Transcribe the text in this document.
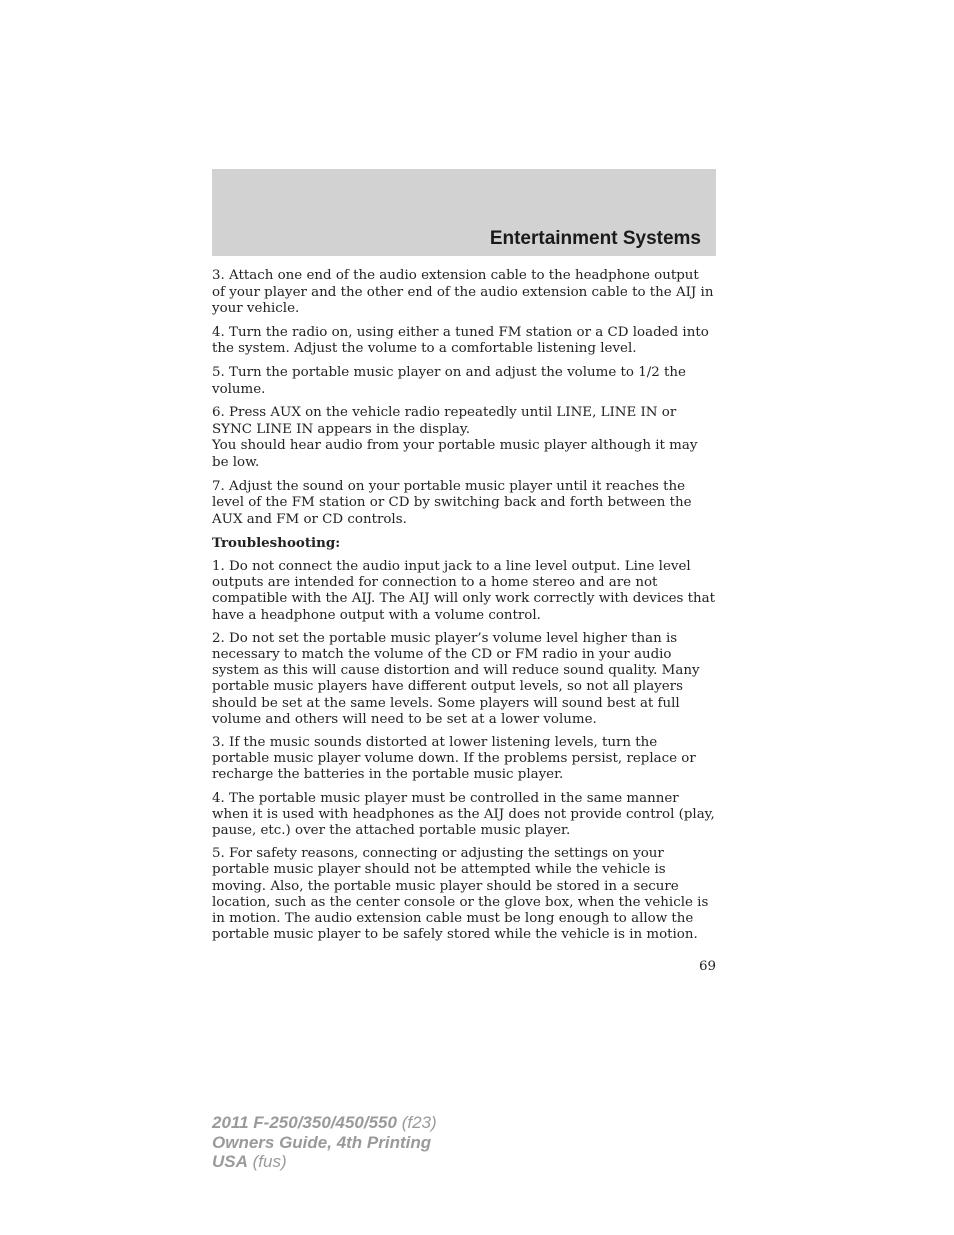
Entertainment Systems

3. Attach one end of the audio extension cable to the headphone output of your player and the other end of the audio extension cable to the AIJ in your vehicle.

4. Turn the radio on, using either a tuned FM station or a CD loaded into the system. Adjust the volume to a comfortable listening level.

5. Turn the portable music player on and adjust the volume to 1/2 the volume.

6. Press AUX on the vehicle radio repeatedly until LINE, LINE IN or SYNC LINE IN appears in the display.

You should hear audio from your portable music player although it may be low.

7. Adjust the sound on your portable music player until it reaches the level of the FM station or CD by switching back and forth between the AUX and FM or CD controls.

Troubleshooting:

1. Do not connect the audio input jack to a line level output. Line level outputs are intended for connection to a home stereo and are not compatible with the AIJ. The AIJ will only work correctly with devices that have a headphone output with a volume control.

2. Do not set the portable music player’s volume level higher than is necessary to match the volume of the CD or FM radio in your audio system as this will cause distortion and will reduce sound quality. Many portable music players have different output levels, so not all players should be set at the same levels. Some players will sound best at full volume and others will need to be set at a lower volume.

3. If the music sounds distorted at lower listening levels, turn the portable music player volume down. If the problems persist, replace or recharge the batteries in the portable music player.

4. The portable music player must be controlled in the same manner when it is used with headphones as the AIJ does not provide control (play, pause, etc.) over the attached portable music player.

5. For safety reasons, connecting or adjusting the settings on your portable music player should not be attempted while the vehicle is moving. Also, the portable music player should be stored in a secure location, such as the center console or the glove box, when the vehicle is in motion. The audio extension cable must be long enough to allow the portable music player to be safely stored while the vehicle is in motion.

69
2011 F-250/350/450/550 (f23)
Owners Guide, 4th Printing
USA (fus)
